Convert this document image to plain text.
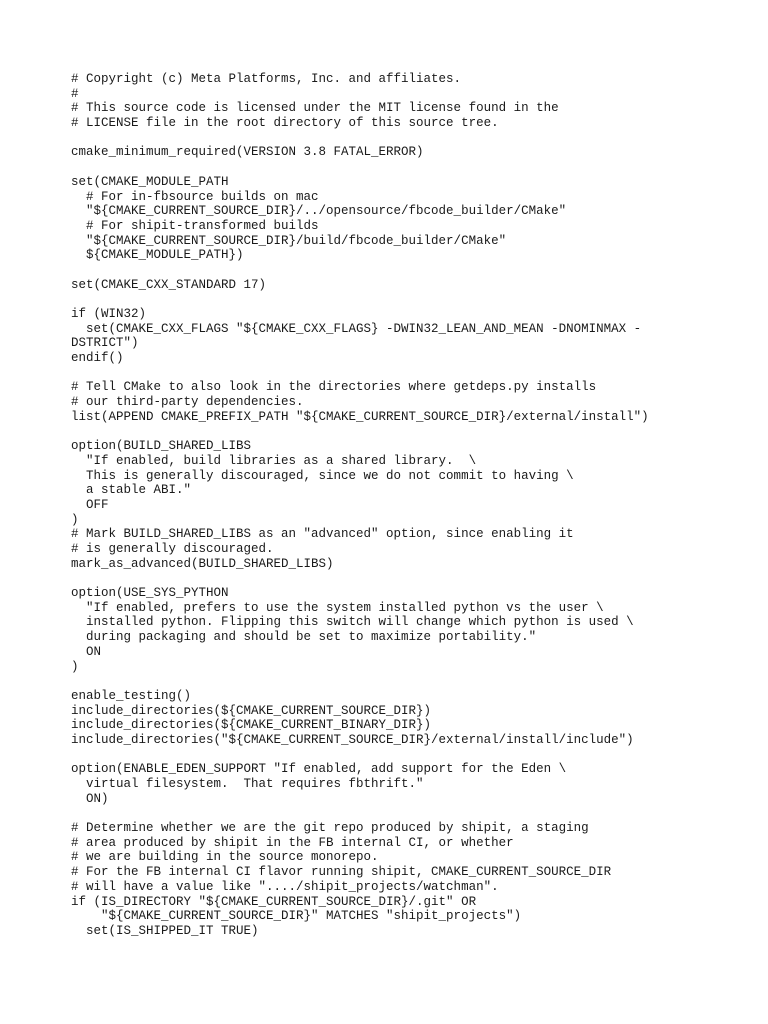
# Copyright (c) Meta Platforms, Inc. and affiliates.
#
# This source code is licensed under the MIT license found in the
# LICENSE file in the root directory of this source tree.
cmake_minimum_required(VERSION 3.8 FATAL_ERROR)
set(CMAKE_MODULE_PATH
# For in-fbsource builds on mac
"${CMAKE_CURRENT_SOURCE_DIR}/../opensource/fbcode_builder/CMake"
# For shipit-transformed builds
"${CMAKE_CURRENT_SOURCE_DIR}/build/fbcode_builder/CMake"
${CMAKE_MODULE_PATH})
set(CMAKE_CXX_STANDARD 17)
if (WIN32)
set(CMAKE_CXX_FLAGS "${CMAKE_CXX_FLAGS} -DWIN32_LEAN_AND_MEAN -DNOMINMAX -
DSTRICT")
endif()
# Tell CMake to also look in the directories where getdeps.py installs
# our third-party dependencies.
list(APPEND CMAKE_PREFIX_PATH "${CMAKE_CURRENT_SOURCE_DIR}/external/install")
option(BUILD_SHARED_LIBS
"If enabled, build libraries as a shared library.  \
This is generally discouraged, since we do not commit to having \
a stable ABI."
OFF
)
# Mark BUILD_SHARED_LIBS as an "advanced" option, since enabling it
# is generally discouraged.
mark_as_advanced(BUILD_SHARED_LIBS)
option(USE_SYS_PYTHON
"If enabled, prefers to use the system installed python vs the user \
installed python. Flipping this switch will change which python is used \
during packaging and should be set to maximize portability."
ON
)
enable_testing()
include_directories(${CMAKE_CURRENT_SOURCE_DIR})
include_directories(${CMAKE_CURRENT_BINARY_DIR})
include_directories("${CMAKE_CURRENT_SOURCE_DIR}/external/install/include")
option(ENABLE_EDEN_SUPPORT "If enabled, add support for the Eden \
virtual filesystem.  That requires fbthrift."
ON)
# Determine whether we are the git repo produced by shipit, a staging
# area produced by shipit in the FB internal CI, or whether
# we are building in the source monorepo.
# For the FB internal CI flavor running shipit, CMAKE_CURRENT_SOURCE_DIR
# will have a value like "..../shipit_projects/watchman".
if (IS_DIRECTORY "${CMAKE_CURRENT_SOURCE_DIR}/.git" OR
"${CMAKE_CURRENT_SOURCE_DIR}" MATCHES "shipit_projects")
set(IS_SHIPPED_IT TRUE)
